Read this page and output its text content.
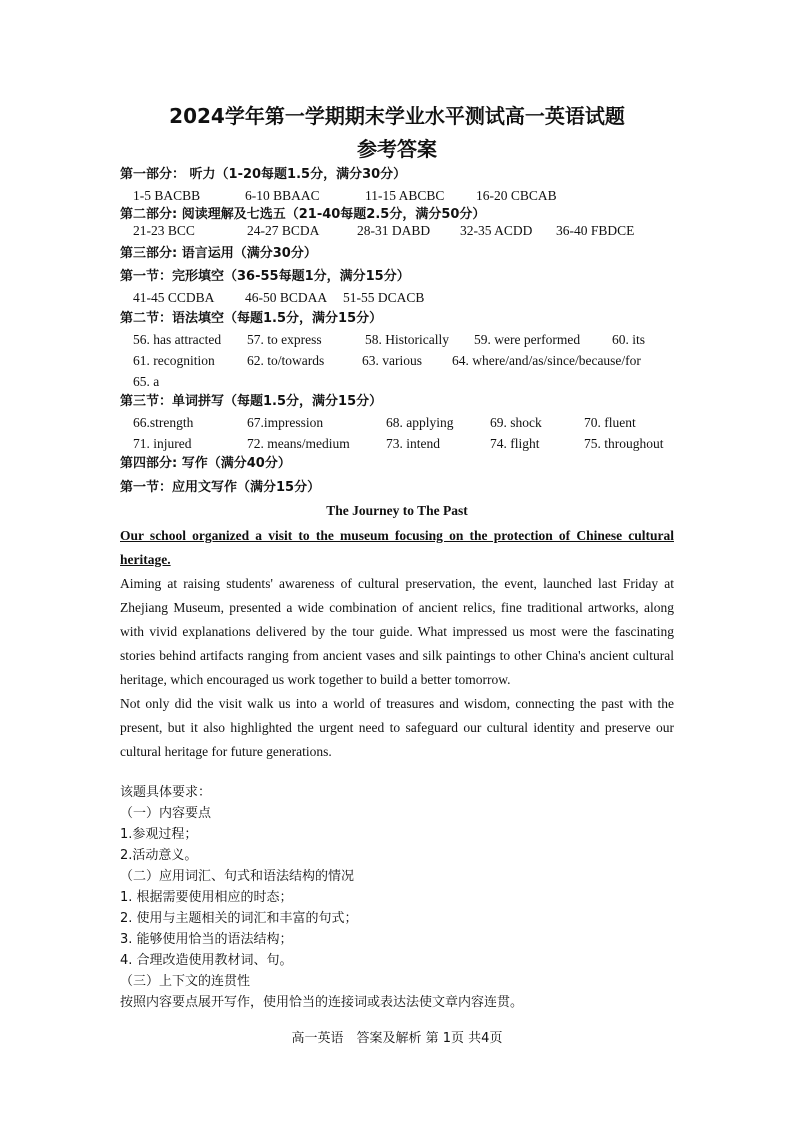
2024学年第一学期期末学业水平测试高一英语试题
参考答案
第一部分： 听力（1-20每题1.5分，满分30分）
1-5 BACBB	6-10 BBAAC	11-15 ABCBC 16-20 CBCAB
第二部分: 阅读理解及七选五（21-40每题2.5分，满分50分）
21-23 BCC	24-27 BCDA	28-31 DABD 32-35 ACDD 36-40 FBDCE
第三部分: 语言运用（满分30分）
第一节：完形填空（36-55每题1分，满分15分）
41-45 CCDBA 46-50 BCDAA 51-55 DCACB
第二节：语法填空（每题1.5分，满分15分）
56. has attracted 57. to express	58. Historically 59. were performed 60. its
61. recognition 62. to/towards	63. various 64. where/and/as/since/because/for
65. a
第三节：单词拼写（每题1.5分，满分15分）
66.strength	67.impression	68. applying	69. shock	70. fluent
71. injured	72. means/medium	73. intend	74. flight	75. throughout
第四部分: 写作（满分40分）
第一节：应用文写作（满分15分）
The Journey to The Past
Our school organized a visit to the museum focusing on the protection of Chinese cultural heritage.
Aiming at raising students' awareness of cultural preservation, the event, launched last Friday at Zhejiang Museum, presented a wide combination of ancient relics, fine traditional artworks, along with vivid explanations delivered by the tour guide. What impressed us most were the fascinating stories behind artifacts ranging from ancient vases and silk paintings to other China's ancient cultural heritage, which encouraged us work together to build a better tomorrow.
Not only did the visit walk us into a world of treasures and wisdom, connecting the past with the present, but it also highlighted the urgent need to safeguard our cultural identity and preserve our cultural heritage for future generations.
该题具体要求：
（一）内容要点
1.参观过程；
2.活动意义。
（二）应用词汇、句式和语法结构的情况
1. 根据需要使用相应的时态；
2. 使用与主题相关的词汇和丰富的句式；
3. 能够使用恰当的语法结构；
4. 合理改造使用教材词、句。
（三）上下文的连贯性
按照内容要点展开写作，使用恰当的连接词或表达法使文章内容连贯。
高一英语　答案及解析 第 1页 共4页
